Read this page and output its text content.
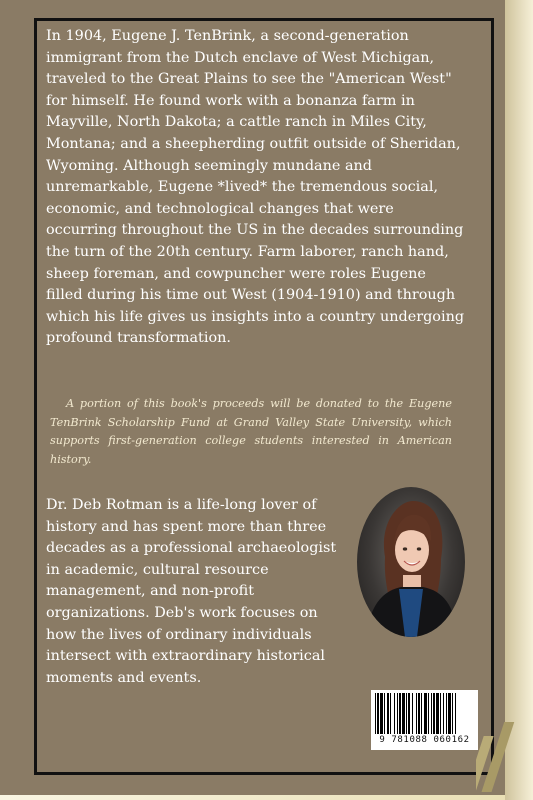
In 1904, Eugene J. TenBrink, a second-generation immigrant from the Dutch enclave of West Michigan, traveled to the Great Plains to see the "American West" for himself. He found work with a bonanza farm in Mayville, North Dakota; a cattle ranch in Miles City, Montana; and a sheepherding outfit outside of Sheridan, Wyoming. Although seemingly mundane and unremarkable, Eugene *lived* the tremendous social, economic, and technological changes that were occurring throughout the US in the decades surrounding the turn of the 20th century. Farm laborer, ranch hand, sheep foreman, and cowpuncher were roles Eugene filled during his time out West (1904-1910) and through which his life gives us insights into a country undergoing profound transformation.

A portion of this book's proceeds will be donated to the Eugene TenBrink Scholarship Fund at Grand Valley State University, which supports first-generation college students interested in American history.

Dr. Deb Rotman is a life-long lover of history and has spent more than three decades as a professional archaeologist in academic, cultural resource management, and non-profit organizations. Deb's work focuses on how the lives of ordinary individuals intersect with extraordinary historical moments and events.

9 781088 060162
